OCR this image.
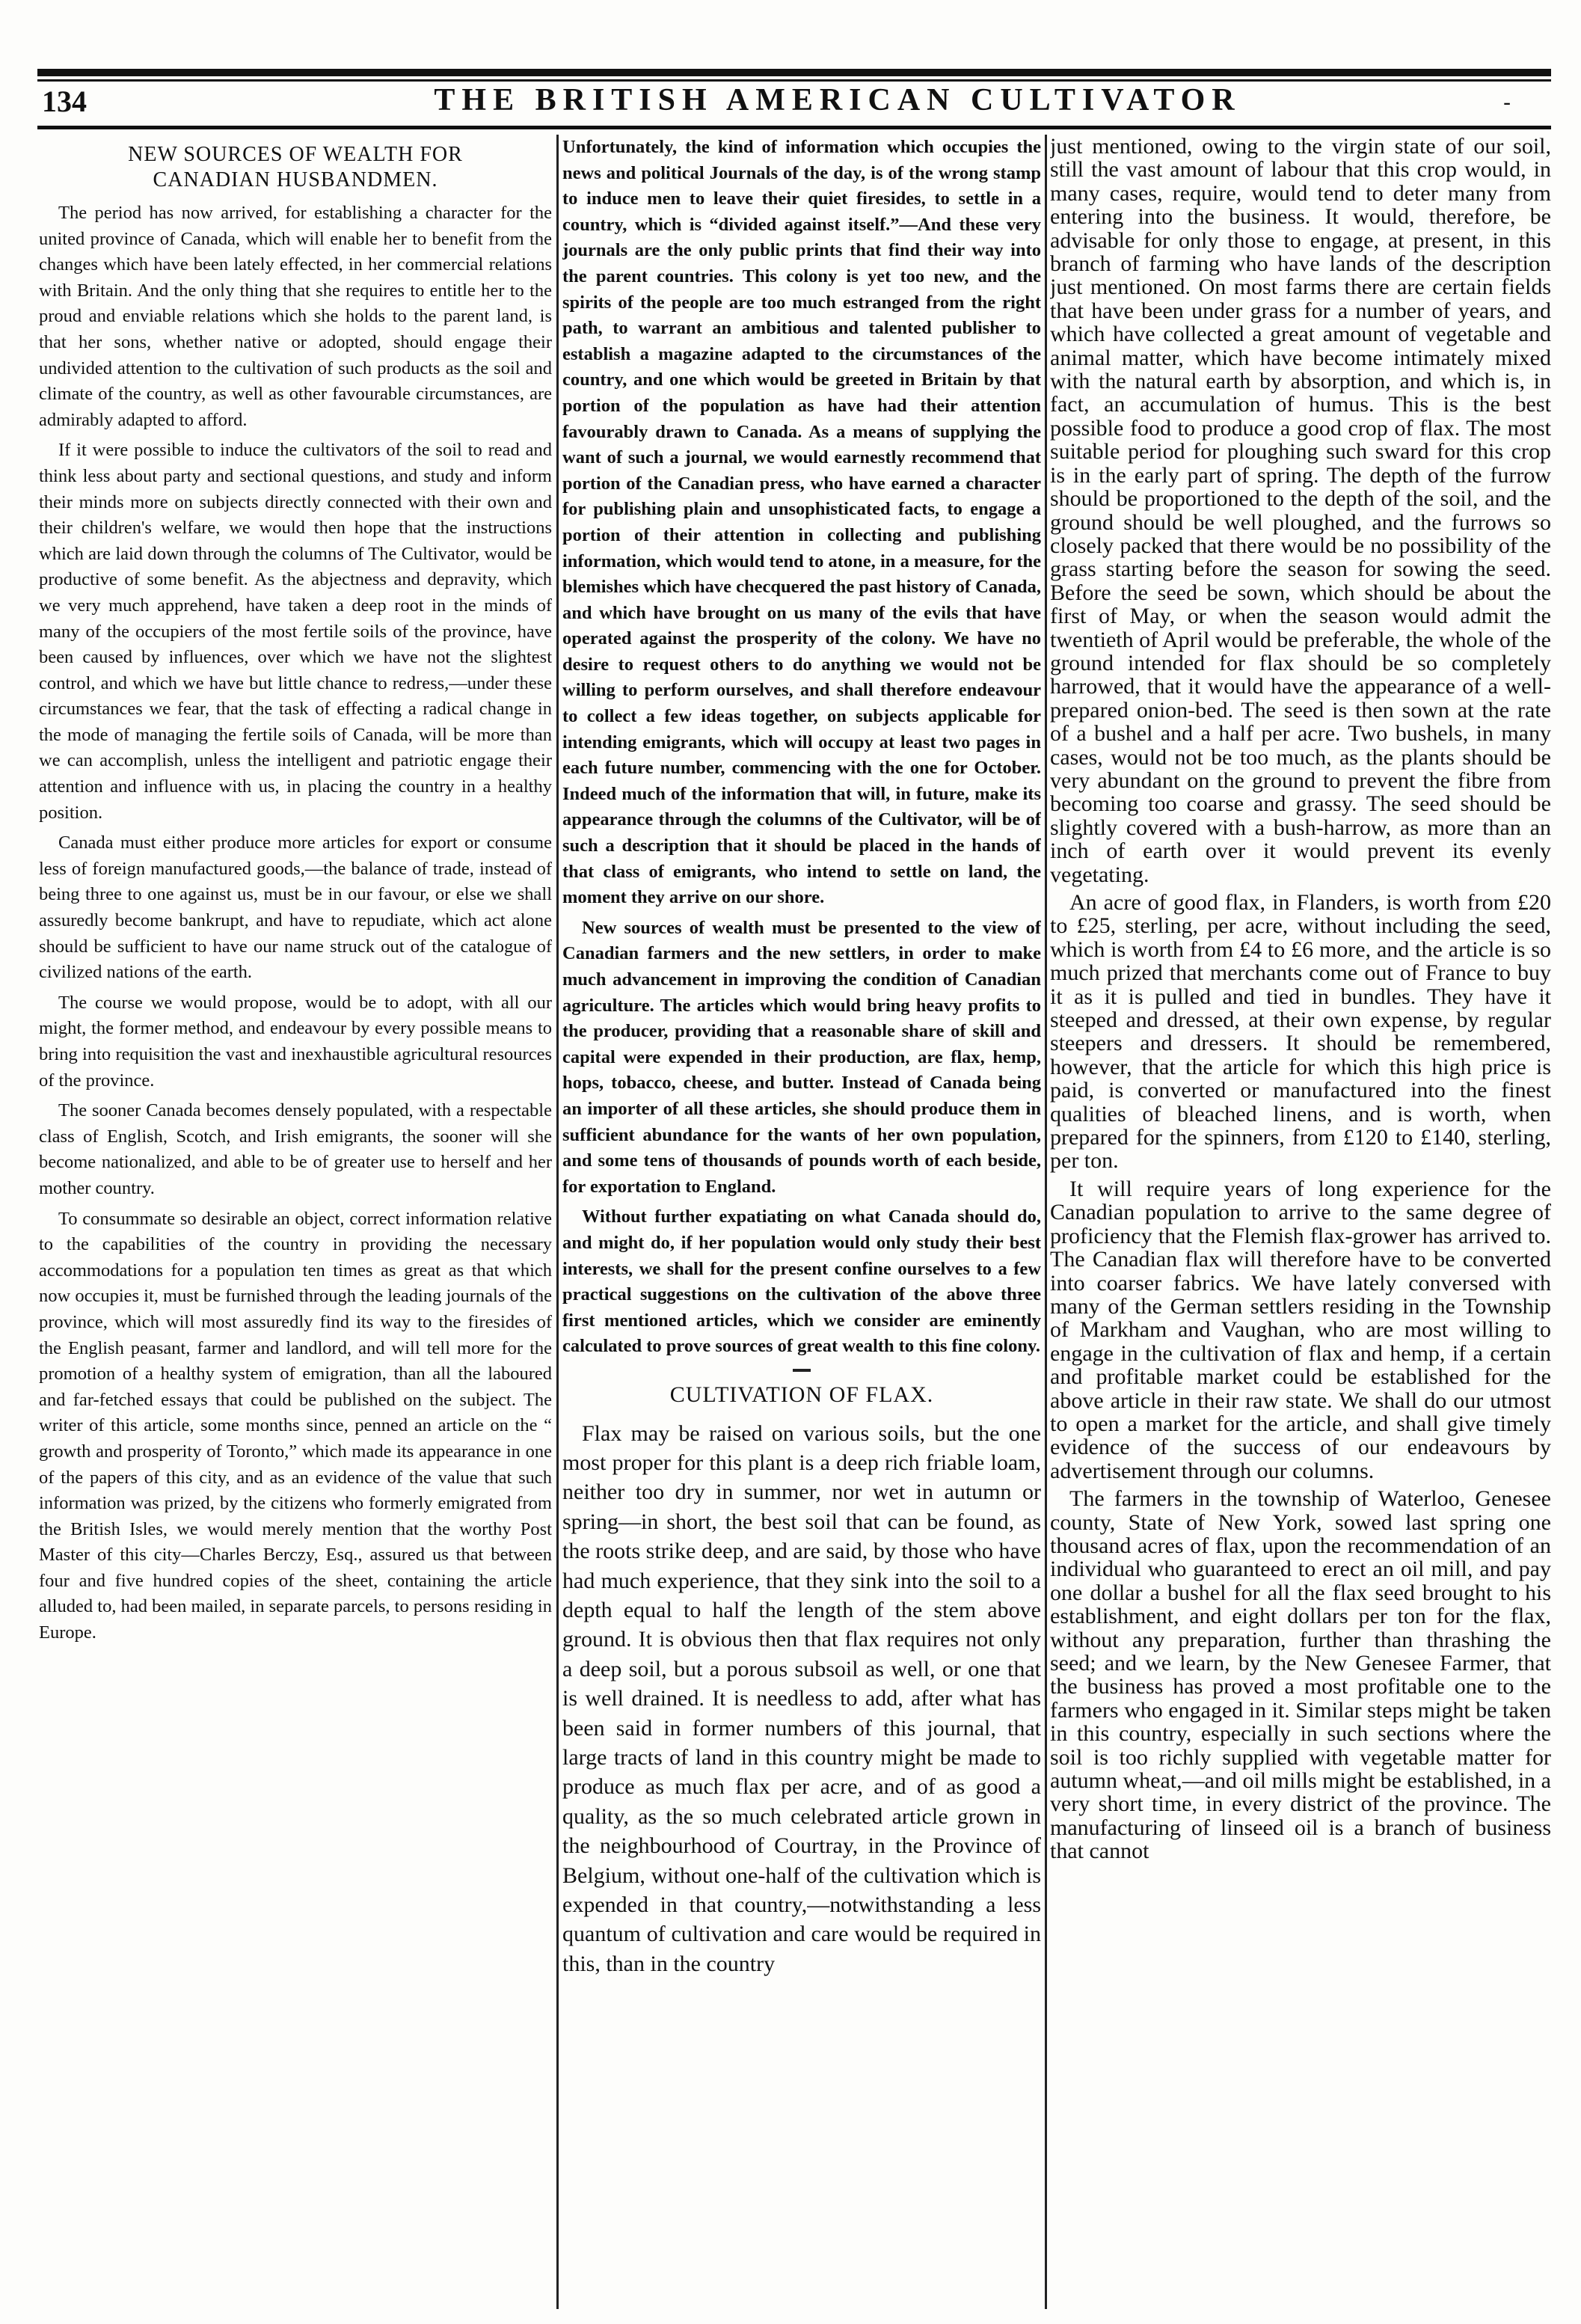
134	THE BRITISH AMERICAN CULTIVATOR	-
NEW SOURCES OF WEALTH FOR
CANADIAN HUSBANDMEN.

The period has now arrived, for establishing a character for the united province of Canada, which will enable her to benefit from the changes which have been lately effected, in her commercial relations with Britain. And the only thing that she requires to entitle her to the proud and enviable relations which she holds to the parent land, is that her sons, whether native or adopted, should engage their undivided attention to the cultivation of such products as the soil and climate of the country, as well as other favourable circumstances, are admirably adapted to afford.

If it were possible to induce the cultivators of the soil to read and think less about party and sectional questions, and study and inform their minds more on subjects directly connected with their own and their children's welfare, we would then hope that the instructions which are laid down through the columns of The Cultivator, would be productive of some benefit. As the abjectness and depravity, which we very much apprehend, have taken a deep root in the minds of many of the occupiers of the most fertile soils of the province, have been caused by influences, over which we have not the slightest control, and which we have but little chance to redress,—under these circumstances we fear, that the task of effecting a radical change in the mode of managing the fertile soils of Canada, will be more than we can accomplish, unless the intelligent and patriotic engage their attention and influence with us, in placing the country in a healthy position.

Canada must either produce more articles for export or consume less of foreign manufactured goods,—the balance of trade, instead of being three to one against us, must be in our favour, or else we shall assuredly become bankrupt, and have to repudiate, which act alone should be sufficient to have our name struck out of the catalogue of civilized nations of the earth.

The course we would propose, would be to adopt, with all our might, the former method, and endeavour by every possible means to bring into requisition the vast and inexhaustible agricultural resources of the province.

The sooner Canada becomes densely populated, with a respectable class of English, Scotch, and Irish emigrants, the sooner will she become nationalized, and able to be of greater use to herself and her mother country.

To consummate so desirable an object, correct information relative to the capabilities of the country in providing the necessary accommodations for a population ten times as great as that which now occupies it, must be furnished through the leading journals of the province, which will most assuredly find its way to the firesides of the English peasant, farmer and landlord, and will tell more for the promotion of a healthy system of emigration, than all the laboured and far-fetched essays that could be published on the subject. The writer of this article, some months since, penned an article on the “ growth and prosperity of Toronto,” which made its appearance in one of the papers of this city, and as an evidence of the value that such information was prized, by the citizens who formerly emigrated from the British Isles, we would merely mention that the worthy Post Master of this city—Charles Berczy, Esq., assured us that between four and five hundred copies of the sheet, containing the article alluded to, had been mailed, in separate parcels, to persons residing in Europe.

Unfortunately, the kind of information which occupies the news and political Journals of the day, is of the wrong stamp to induce men to leave their quiet firesides, to settle in a country, which is “divided against itself.”—And these very journals are the only public prints that find their way into the parent countries. This colony is yet too new, and the spirits of the people are too much estranged from the right path, to warrant an ambitious and talented publisher to establish a magazine adapted to the circumstances of the country, and one which would be greeted in Britain by that portion of the population as have had their attention favourably drawn to Canada. As a means of supplying the want of such a journal, we would earnestly recommend that portion of the Canadian press, who have earned a character for publishing plain and unsophisticated facts, to engage a portion of their attention in collecting and publishing information, which would tend to atone, in a measure, for the blemishes which have checquered the past history of Canada, and which have brought on us many of the evils that have operated against the prosperity of the colony. We have no desire to request others to do anything we would not be willing to perform ourselves, and shall therefore endeavour to collect a few ideas together, on subjects applicable for intending emigrants, which will occupy at least two pages in each future number, commencing with the one for October. Indeed much of the information that will, in future, make its appearance through the columns of the Cultivator, will be of such a description that it should be placed in the hands of that class of emigrants, who intend to settle on land, the moment they arrive on our shore.

New sources of wealth must be presented to the view of Canadian farmers and the new settlers, in order to make much advancement in improving the condition of Canadian agriculture. The articles which would bring heavy profits to the producer, providing that a reasonable share of skill and capital were expended in their production, are flax, hemp, hops, tobacco, cheese, and butter. Instead of Canada being an importer of all these articles, she should produce them in sufficient abundance for the wants of her own population, and some tens of thousands of pounds worth of each beside, for exportation to England.

Without further expatiating on what Canada should do, and might do, if her population would only study their best interests, we shall for the present confine ourselves to a few practical suggestions on the cultivation of the above three first mentioned articles, which we consider are eminently calculated to prove sources of great wealth to this fine colony.

CULTIVATION OF FLAX.

Flax may be raised on various soils, but the one most proper for this plant is a deep rich friable loam, neither too dry in summer, nor wet in autumn or spring—in short, the best soil that can be found, as the roots strike deep, and are said, by those who have had much experience, that they sink into the soil to a depth equal to half the length of the stem above ground. It is obvious then that flax requires not only a deep soil, but a porous subsoil as well, or one that is well drained. It is needless to add, after what has been said in former numbers of this journal, that large tracts of land in this country might be made to produce as much flax per acre, and of as good a quality, as the so much celebrated article grown in the neighbourhood of Courtray, in the Province of Belgium, without one-half of the cultivation which is expended in that country,—notwithstanding a less quantum of cultivation and care would be required in this, than in the country

just mentioned, owing to the virgin state of our soil, still the vast amount of labour that this crop would, in many cases, require, would tend to deter many from entering into the business. It would, therefore, be advisable for only those to engage, at present, in this branch of farming who have lands of the description just mentioned. On most farms there are certain fields that have been under grass for a number of years, and which have collected a great amount of vegetable and animal matter, which have become intimately mixed with the natural earth by absorption, and which is, in fact, an accumulation of humus. This is the best possible food to produce a good crop of flax. The most suitable period for ploughing such sward for this crop is in the early part of spring. The depth of the furrow should be proportioned to the depth of the soil, and the ground should be well ploughed, and the furrows so closely packed that there would be no possibility of the grass starting before the season for sowing the seed. Before the seed be sown, which should be about the first of May, or when the season would admit the twentieth of April would be preferable, the whole of the ground intended for flax should be so completely harrowed, that it would have the appearance of a well-prepared onion-bed. The seed is then sown at the rate of a bushel and a half per acre. Two bushels, in many cases, would not be too much, as the plants should be very abundant on the ground to prevent the fibre from becoming too coarse and grassy. The seed should be slightly covered with a bush-harrow, as more than an inch of earth over it would prevent its evenly vegetating.

An acre of good flax, in Flanders, is worth from £20 to £25, sterling, per acre, without including the seed, which is worth from £4 to £6 more, and the article is so much prized that merchants come out of France to buy it as it is pulled and tied in bundles. They have it steeped and dressed, at their own expense, by regular steepers and dressers. It should be remembered, however, that the article for which this high price is paid, is converted or manufactured into the finest qualities of bleached linens, and is worth, when prepared for the spinners, from £120 to £140, sterling, per ton.

It will require years of long experience for the Canadian population to arrive to the same degree of proficiency that the Flemish flax-grower has arrived to. The Canadian flax will therefore have to be converted into coarser fabrics. We have lately conversed with many of the German settlers residing in the Township of Markham and Vaughan, who are most willing to engage in the cultivation of flax and hemp, if a certain and profitable market could be established for the above article in their raw state. We shall do our utmost to open a market for the article, and shall give timely evidence of the success of our endeavours by advertisement through our columns.

The farmers in the township of Waterloo, Genesee county, State of New York, sowed last spring one thousand acres of flax, upon the recommendation of an individual who guaranteed to erect an oil mill, and pay one dollar a bushel for all the flax seed brought to his establishment, and eight dollars per ton for the flax, without any preparation, further than thrashing the seed; and we learn, by the New Genesee Farmer, that the business has proved a most profitable one to the farmers who engaged in it. Similar steps might be taken in this country, especially in such sections where the soil is too richly supplied with vegetable matter for autumn wheat,—and oil mills might be established, in a very short time, in every district of the province. The manufacturing of linseed oil is a branch of business that cannot
